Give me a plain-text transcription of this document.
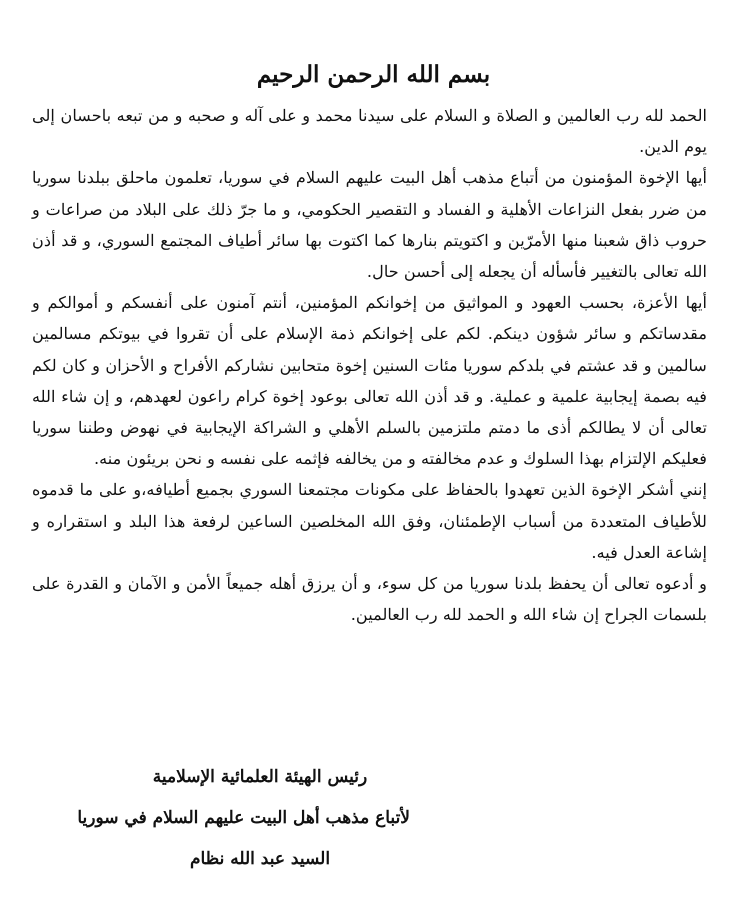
بسم الله الرحمن الرحيم

الحمد لله رب العالمين و الصلاة و السلام على سيدنا محمد و على آله و صحبه و من تبعه باحسان إلى يوم الدين.

أيها الإخوة المؤمنون من أتباع مذهب أهل البيت عليهم السلام في سوريا، تعلمون ماحلق ببلدنا سوريا من ضرر بفعل النزاعات الأهلية و الفساد و التقصير الحكومي، و ما جرّ ذلك على البلاد من صراعات و حروب ذاق شعبنا منها الأمرّين و اكتويتم بنارها كما اكتوت بها سائر أطياف المجتمع السوري، و قد أذن الله تعالى بالتغيير فأسأله أن يجعله إلى أحسن حال.

أيها الأعزة، بحسب العهود و المواثيق من إخوانكم المؤمنين، أنتم آمنون على أنفسكم و أموالكم و مقدساتكم و سائر شؤون دينكم. لكم على إخوانكم ذمة الإسلام على أن تقروا في بيوتكم مسالمين سالمين و قد عشتم في بلدكم سوريا مئات السنين إخوة متحابين نشاركم الأفراح و الأحزان و كان لكم فيه بصمة إيجابية علمية و عملية. و قد أذن الله تعالى بوعود إخوة كرام راعون لعهدهم، و إن شاء الله تعالى أن لا يطالكم أذى ما دمتم ملتزمين بالسلم الأهلي و الشراكة الإيجابية في نهوض وطننا سوريا فعليكم الإلتزام بهذا السلوك و عدم مخالفته و من يخالفه فإثمه على نفسه و نحن بريئون منه.

إنني أشكر الإخوة الذين تعهدوا بالحفاظ على مكونات مجتمعنا السوري بجميع أطيافه،و على ما قدموه للأطياف المتعددة من أسباب الإطمئنان، وفق الله المخلصين الساعين لرفعة هذا البلد و استقراره و إشاعة العدل فيه.

و أدعوه تعالى أن يحفظ بلدنا سوريا من كل سوء، و أن يرزق أهله جميعاً الأمن و الآمان و القدرة على بلسمات الجراح إن شاء الله و الحمد لله رب العالمين.

رئيس الهيئة العلمائية الإسلامية
لأتباع مذهب أهل البيت عليهم السلام في سوريا
السيد عبد الله نظام
